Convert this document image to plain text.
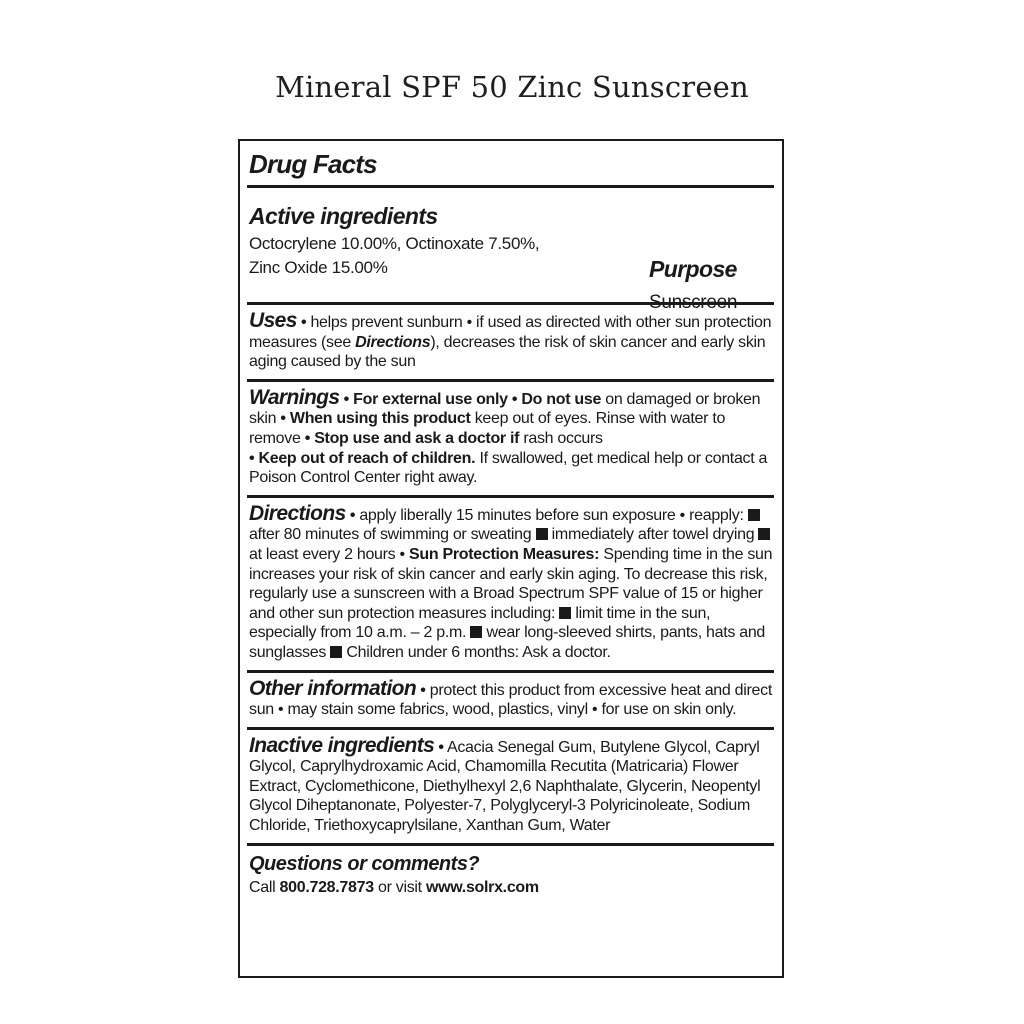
Mineral SPF 50 Zinc Sunscreen
Drug Facts
Active ingredients
Octocrylene 10.00%, Octinoxate 7.50%,
Zinc Oxide 15.00%	Purpose
Sunscreen
Uses • helps prevent sunburn • if used as directed with other sun protection measures (see Directions), decreases the risk of skin cancer and early skin aging caused by the sun
Warnings • For external use only • Do not use on damaged or broken skin • When using this product keep out of eyes. Rinse with water to remove • Stop use and ask a doctor if rash occurs
• Keep out of reach of children. If swallowed, get medical help or contact a Poison Control Center right away.
Directions • apply liberally 15 minutes before sun exposure • reapply:  after 80 minutes of swimming or sweating immediately after towel drying  at least every 2 hours • Sun Protection Measures: Spending time in the sun increases your risk of skin cancer and early skin aging. To decrease this risk, regularly use a sunscreen with a Broad Spectrum SPF value of 15 or higher and other sun protection measures including: limit time in the sun, especially from 10 a.m. – 2 p.m. wear long-sleeved shirts, pants, hats and sunglasses Children under 6 months: Ask a doctor.
Other information • protect this product from excessive heat and direct sun • may stain some fabrics, wood, plastics, vinyl • for use on skin only.
Inactive ingredients • Acacia Senegal Gum, Butylene Glycol, Capryl Glycol, Caprylhydroxamic Acid, Chamomilla Recutita (Matricaria) Flower Extract, Cyclomethicone, Diethylhexyl 2,6 Naphthalate, Glycerin, Neopentyl Glycol Diheptanonate, Polyester-7, Polyglyceryl-3 Polyricinoleate, Sodium Chloride, Triethoxycaprylsilane, Xanthan Gum, Water
Questions or comments?
Call 800.728.7873 or visit www.solrx.com
